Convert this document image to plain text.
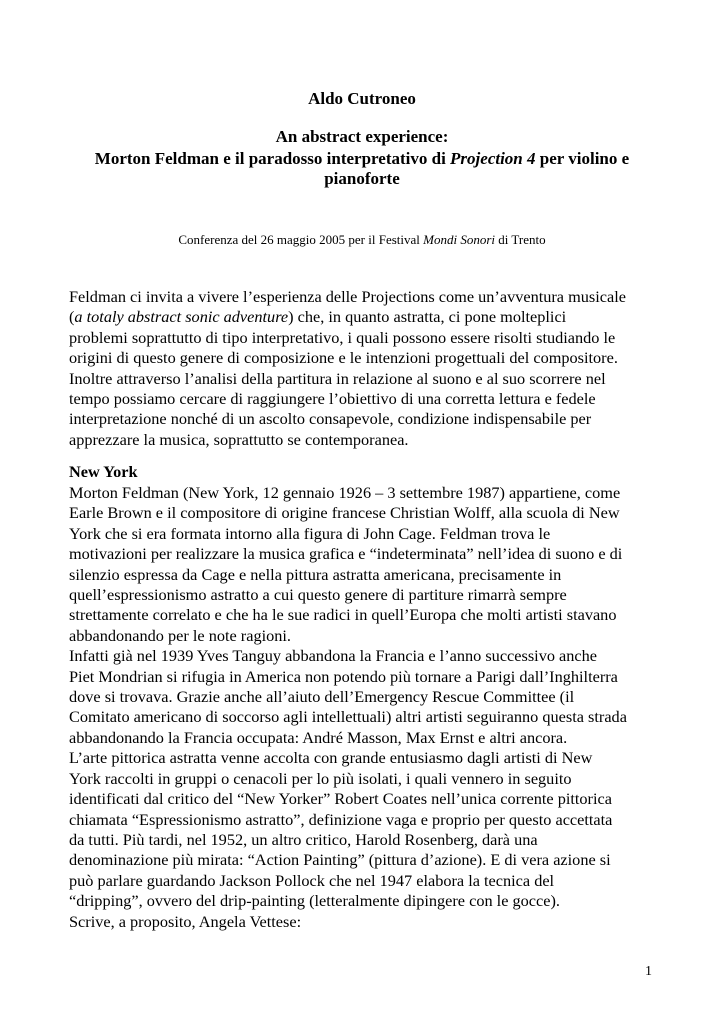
Aldo Cutroneo
An abstract experience:
Morton Feldman e il paradosso interpretativo di Projection 4 per violino e
pianoforte
Conferenza del 26 maggio 2005 per il Festival Mondi Sonori di Trento
Feldman ci invita a vivere l’esperienza delle Projections come un’avventura musicale
(a totaly abstract sonic adventure) che, in quanto astratta, ci pone molteplici
problemi soprattutto di tipo interpretativo, i quali possono essere risolti studiando le
origini di questo genere di composizione e le intenzioni progettuali del compositore.
Inoltre attraverso l’analisi della partitura in relazione al suono e al suo scorrere nel
tempo possiamo cercare di raggiungere l’obiettivo di una corretta lettura e fedele
interpretazione nonché di un ascolto consapevole, condizione indispensabile per
apprezzare la musica, soprattutto se contemporanea.
New York
Morton Feldman (New York, 12 gennaio 1926 – 3 settembre 1987) appartiene, come
Earle Brown e il compositore di origine francese Christian Wolff, alla scuola di New
York che si era formata intorno alla figura di John Cage. Feldman trova le
motivazioni per realizzare la musica grafica e “indeterminata” nell’idea di suono e di
silenzio espressa da Cage e nella pittura astratta americana, precisamente in
quell’espressionismo astratto a cui questo genere di partiture rimarrà sempre
strettamente correlato e che ha le sue radici in quell’Europa che molti artisti stavano
abbandonando per le note ragioni.
Infatti già nel 1939 Yves Tanguy abbandona la Francia e l’anno successivo anche
Piet Mondrian si rifugia in America non potendo più tornare a Parigi dall’Inghilterra
dove si trovava. Grazie anche all’aiuto dell’Emergency Rescue Committee (il
Comitato americano di soccorso agli intellettuali) altri artisti seguiranno questa strada
abbandonando la Francia occupata: André Masson, Max Ernst e altri ancora.
L’arte pittorica astratta venne accolta con grande entusiasmo dagli artisti di New
York raccolti in gruppi o cenacoli per lo più isolati, i quali vennero in seguito
identificati dal critico del “New Yorker” Robert Coates nell’unica corrente pittorica
chiamata “Espressionismo astratto”, definizione vaga e proprio per questo accettata
da tutti. Più tardi, nel 1952, un altro critico, Harold Rosenberg, darà una
denominazione più mirata: “Action Painting” (pittura d’azione). E di vera azione si
può parlare guardando Jackson Pollock che nel 1947 elabora la tecnica del
“dripping”, ovvero del drip-painting (letteralmente dipingere con le gocce).
Scrive, a proposito, Angela Vettese:
1
